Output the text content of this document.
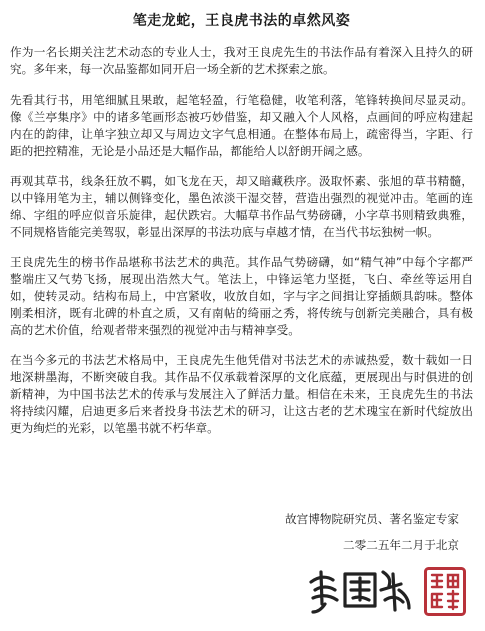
笔走龙蛇，王良虎书法的卓然风姿

作为一名长期关注艺术动态的专业人士，我对王良虎先生的书法作品有着深入且持久的研究。多年来，每一次品鉴都如同开启一场全新的艺术探索之旅。

先看其行书，用笔细腻且果敢，起笔轻盈，行笔稳健，收笔利落，笔锋转换间尽显灵动。像《兰亭集序》中的诸多笔画形态被巧妙借鉴，却又融入个人风格，点画间的呼应构建起内在的韵律，让单字独立却又与周边文字气息相通。在整体布局上，疏密得当，字距、行距的把控精准，无论是小品还是大幅作品，都能给人以舒朗开阔之感。

再观其草书，线条狂放不羁，如飞龙在天，却又暗藏秩序。汲取怀素、张旭的草书精髓，以中锋用笔为主，辅以侧锋变化，墨色浓淡干湿交替，营造出强烈的视觉冲击。笔画的连绵、字组的呼应似音乐旋律，起伏跌宕。大幅草书作品气势磅礴，小字草书则精致典雅，不同规格皆能完美驾驭，彰显出深厚的书法功底与卓越才情，在当代书坛独树一帜。

王良虎先生的榜书作品堪称书法艺术的典范。其作品气势磅礴，如“精气神”中每个字都严整端庄又气势飞扬，展现出浩然大气。笔法上，中锋运笔力坚挺，飞白、牵丝等运用自如，使转灵动。结构布局上，中宫紧收，收放自如，字与字之间揖让穿插颇具韵味。整体刚柔相济，既有北碑的朴直之质，又有南帖的绮丽之秀，将传统与创新完美融合，具有极高的艺术价值，给观者带来强烈的视觉冲击与精神享受。

在当今多元的书法艺术格局中，王良虎先生他凭借对书法艺术的赤诚热爱，数十载如一日地深耕墨海，不断突破自我。其作品不仅承载着深厚的文化底蕴，更展现出与时俱进的创新精神，为中国书法艺术的传承与发展注入了鲜活力量。相信在未来，王良虎先生的书法将持续闪耀，启迪更多后来者投身书法艺术的研习，让这古老的艺术瑰宝在新时代绽放出更为绚烂的光彩，以笔墨书就不朽华章。

故宫博物院研究员、著名鉴定专家
二零二五年二月于北京
